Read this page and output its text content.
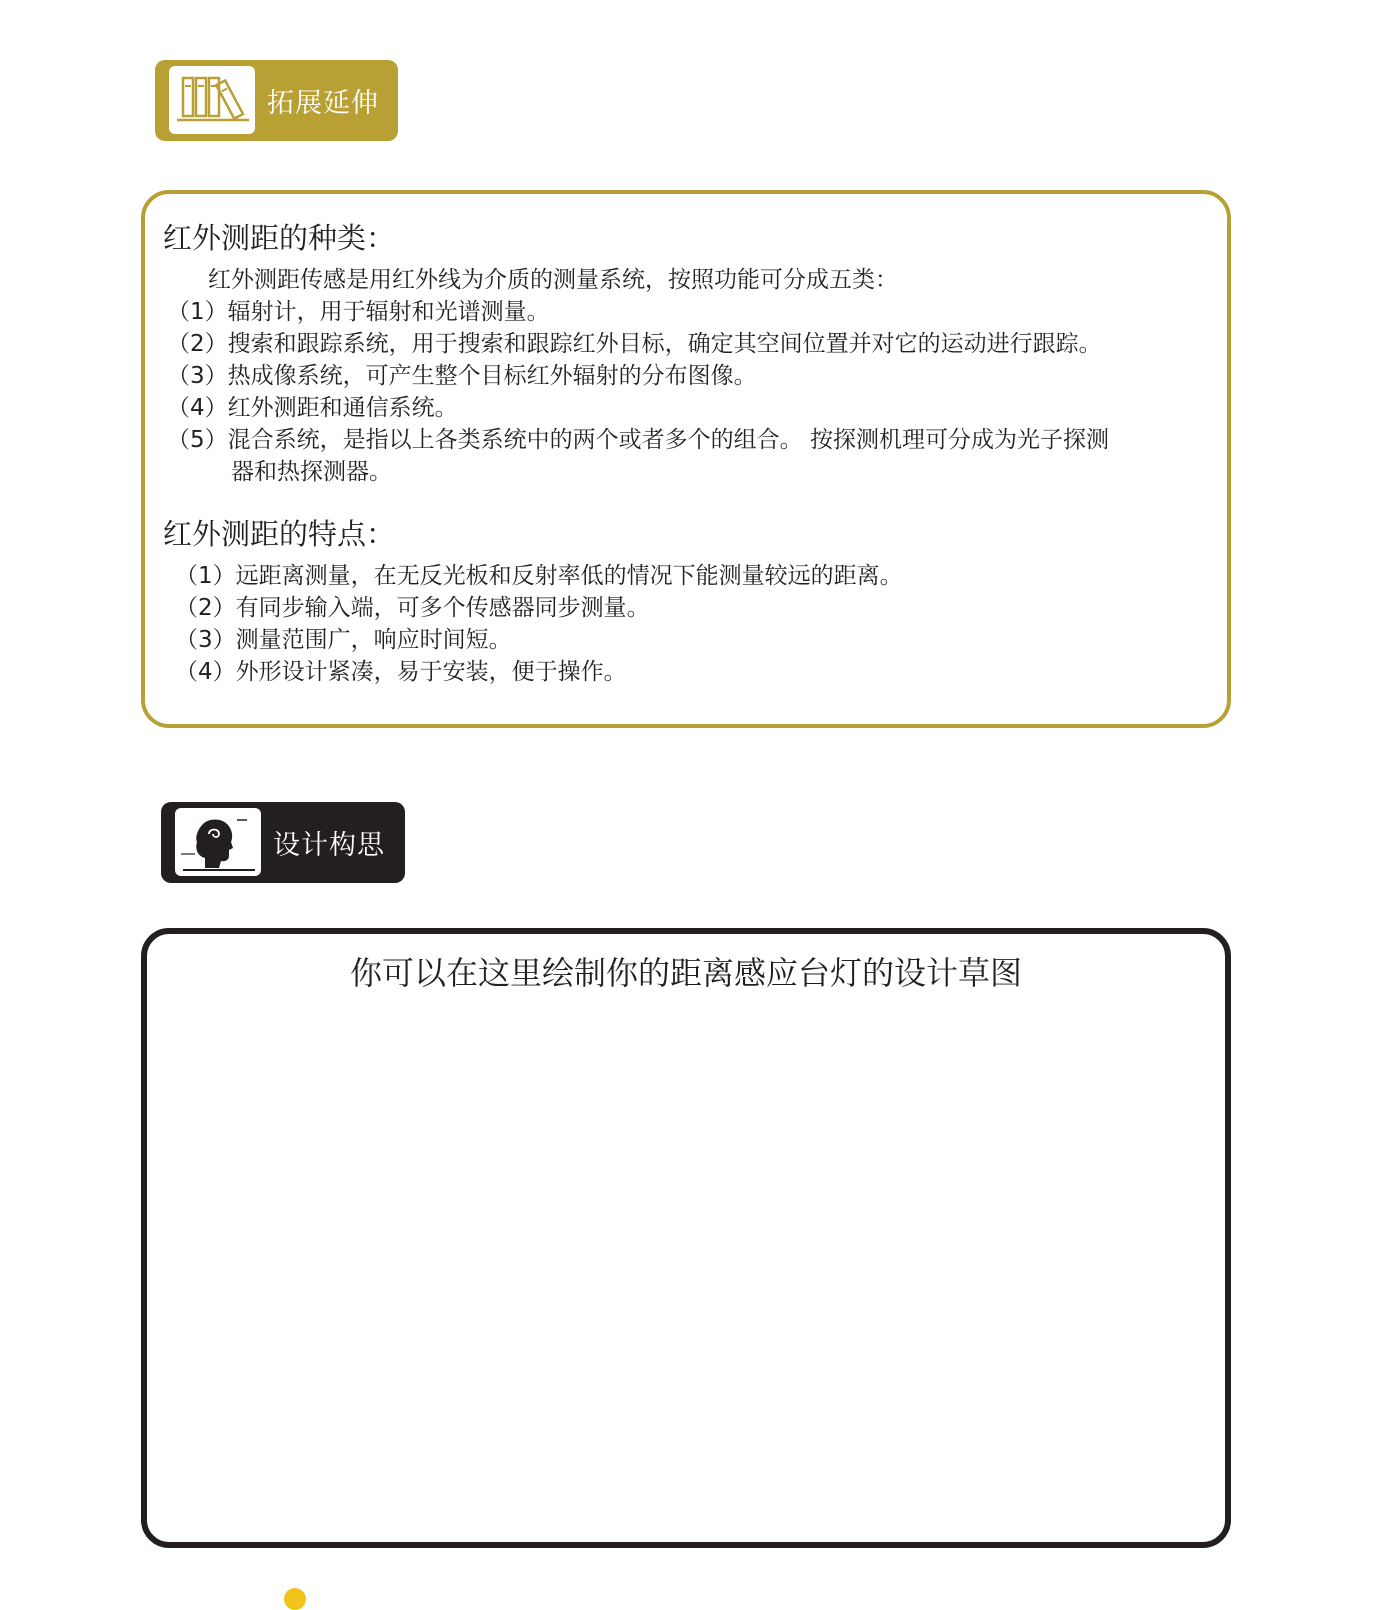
拓展延伸
红外测距的种类：
红外测距传感是用红外线为介质的测量系统，按照功能可分成五类：
（1）辐射计，用于辐射和光谱测量。
（2）搜索和跟踪系统，用于搜索和跟踪红外目标，确定其空间位置并对它的运动进行跟踪。
（3）热成像系统，可产生整个目标红外辐射的分布图像。
（4）红外测距和通信系统。
（5）混合系统，是指以上各类系统中的两个或者多个的组合。 按探测机理可分成为光子探测
器和热探测器。
红外测距的特点：
（1）远距离测量，在无反光板和反射率低的情况下能测量较远的距离。
（2）有同步输入端，可多个传感器同步测量。
（3）测量范围广，响应时间短。
（4）外形设计紧凑，易于安装，便于操作。
设计构思
你可以在这里绘制你的距离感应台灯的设计草图
